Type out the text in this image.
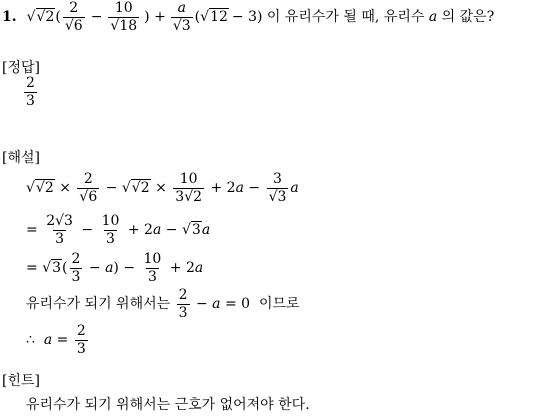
1. √√2 ( $\frac{2}{√6} - \frac{10}{√18}$ ) + $\frac{a}{√3}$ ( √12 − 3) 이 유리수가 될 때, 유리수 a 의 값은?
[정답]
$\frac{2}{3}$
[해설]
$√√2 \times \frac{2}{√6} - √√2 \times \frac{10}{3√2} + 2$ $a - \frac{3}{√3}$ a
= $\frac{2√3}{3} - \frac{10}{3} + 2$ a − √3 a
= √3 ( $\frac{2}{3} - a$ ) − $\frac{10}{3} + 2$ a
유리수가 되기 위해서는 $\frac{2}{3} - a = 0$  이므로
∴ $a = \frac{2}{3}$
[힌트]
유리수가 되기 위해서는 근호가 없어져야 한다.
